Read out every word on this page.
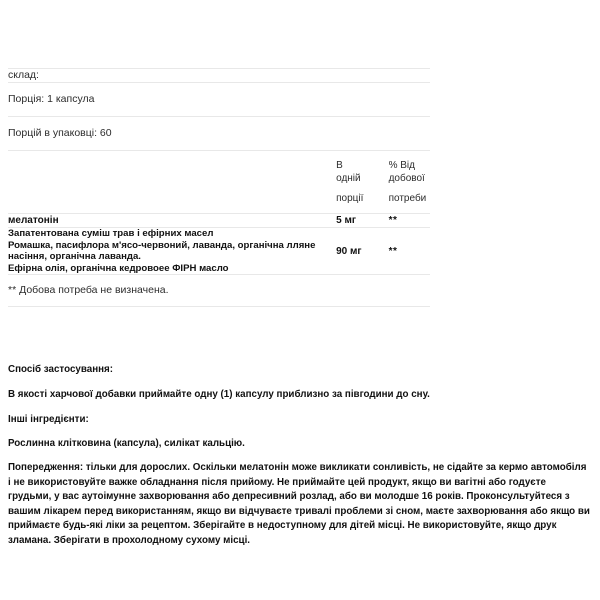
склад:		
Порція: 1 капсула		
Порцій в упаковці: 60		

	В
одній
порції	% Від
добової
потреби

мелатонін	5 мг	**

Запатентована суміш трав і ефірних масел
Ромашка, пасифлора м'ясо-червоний, лаванда, органічна лляне
насіння, органічна лаванда.
Ефірна олія, органічна кедровоее ФІРН масло	90 мг	**
** Добова потреба не визначена.		

Спосіб застосування:

В якості харчової добавки приймайте одну (1) капсулу приблизно за півгодини до сну.

Інші інгредієнти:

Рослинна клітковина (капсула), силікат кальцію.

Попередження: тільки для дорослих. Оскільки мелатонін може викликати сонливість, не сідайте за кермо автомобіля і не використовуйте важке обладнання після прийому. Не приймайте цей продукт, якщо ви вагітні або годуєте грудьми, у вас аутоімунне захворювання або депресивний розлад, або ви молодше 16 років. Проконсультуйтеся з вашим лікарем перед використанням, якщо ви відчуваєте тривалі проблеми зі сном, маєте захворювання або якщо ви приймаєте будь-які ліки за рецептом. Зберігайте в недоступному для дітей місці. Не використовуйте, якщо друк зламана. Зберігати в прохолодному сухому місці.
